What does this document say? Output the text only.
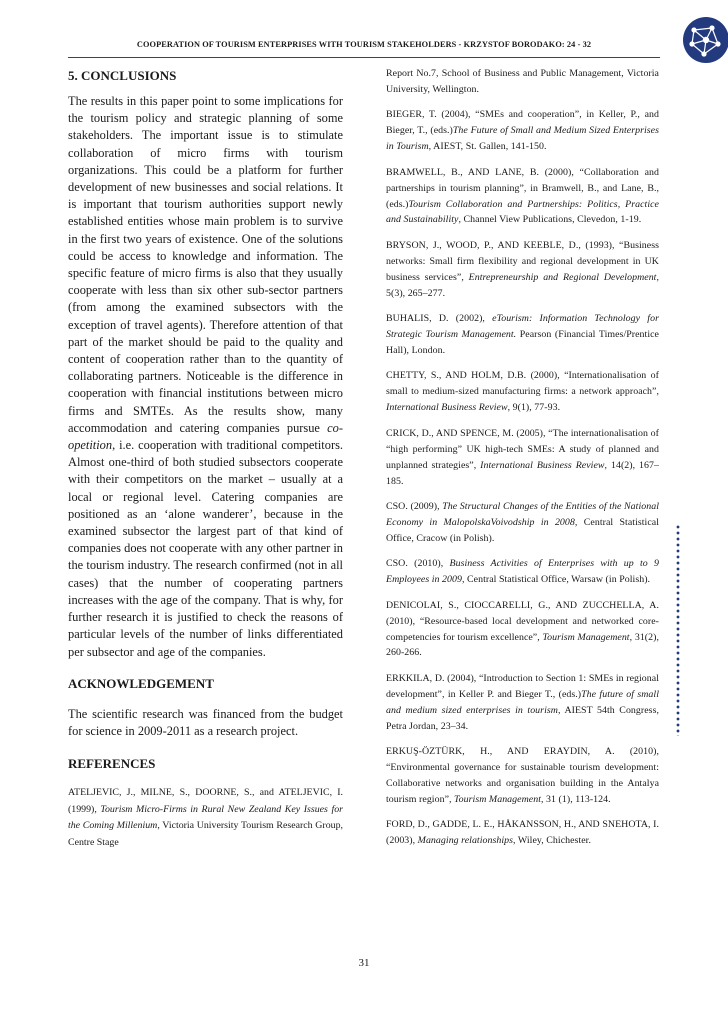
COOPERATION OF TOURISM ENTERPRISES WITH TOURISM STAKEHOLDERS - KRZYSTOF BORODAKO: 24 - 32
5. CONCLUSIONS

The results in this paper point to some implications for the tourism policy and strategic planning of some stakeholders. The important issue is to stimulate collaboration of micro firms with tourism organizations. This could be a platform for further development of new businesses and social relations. It is important that tourism authorities support newly established entities whose main problem is to survive in the first two years of existence. One of the solutions could be access to knowledge and information. The specific feature of micro firms is also that they usually cooperate with less than six other sub-sector partners (from among the examined subsectors with the exception of travel agents). Therefore attention of that part of the market should be paid to the quality and content of cooperation rather than to the quantity of collaborating partners. Noticeable is the difference in cooperation with financial institutions between micro firms and SMTEs. As the results show, many accommodation and catering companies pursue co-opetition, i.e. cooperation with traditional competitors. Almost one-third of both studied subsectors cooperate with their competitors on the market – usually at a local or regional level. Catering companies are positioned as an ‘alone wanderer’, because in the examined subsector the largest part of that kind of companies does not cooperate with any other partner in the tourism industry. The research confirmed (not in all cases) that the number of cooperating partners increases with the age of the company. That is why, for further research it is justified to check the reasons of particular levels of the number of links differentiated per subsector and age of the companies.

ACKNOWLEDGEMENT

The scientific research was financed from the budget for science in 2009-2011 as a research project.

REFERENCES

ATELJEVIC, J., MILNE, S., DOORNE, S., and ATELJEVIC, I. (1999), Tourism Micro-Firms in Rural New Zealand Key Issues for the Coming Millenium, Victoria University Tourism Research Group, Centre Stage

Report No.7, School of Business and Public Management, Victoria University, Wellington.

BIEGER, T. (2004), “SMEs and cooperation”, in Keller, P., and Bieger, T., (eds.)The Future of Small and Medium Sized Enterprises in Tourism, AIEST, St. Gallen, 141-150.

BRAMWELL, B., AND LANE, B. (2000), “Collaboration and partnerships in tourism planning”, in Bramwell, B., and Lane, B., (eds.)Tourism Collaboration and Partnerships: Politics, Practice and Sustainability, Channel View Publications, Clevedon, 1-19.

BRYSON, J., WOOD, P., AND KEEBLE, D., (1993), “Business networks: Small firm flexibility and regional development in UK business services”, Entrepreneurship and Regional Development, 5(3), 265–277.

BUHALIS, D. (2002), eTourism: Information Technology for Strategic Tourism Management. Pearson (Financial Times/Prentice Hall), London.

CHETTY, S., AND HOLM, D.B. (2000), “Internationalisation of small to medium-sized manufacturing firms: a network approach”, International Business Review, 9(1), 77-93.

CRICK, D., AND SPENCE, M. (2005), “The internationalisation of “high performing” UK high-tech SMEs: A study of planned and unplanned strategies”, International Business Review, 14(2), 167–185.

CSO. (2009), The Structural Changes of the Entities of the National Economy in MalopolskaVoivodship in 2008, Central Statistical Office, Cracow (in Polish).

CSO. (2010), Business Activities of Enterprises with up to 9 Employees in 2009, Central Statistical Office, Warsaw (in Polish).

DENICOLAI, S., CIOCCARELLI, G., AND ZUCCHELLA, A. (2010), “Resource-based local development and networked core-competencies for tourism excellence”, Tourism Management, 31(2), 260-266.

ERKKILA, D. (2004), “Introduction to Section 1: SMEs in regional development”, in Keller P. and Bieger T., (eds.)The future of small and medium sized enterprises in tourism, AIEST 54th Congress, Petra Jordan, 23–34.

ERKUŞ-ÖZTÜRK, H., AND ERAYDIN, A. (2010), “Environmental governance for sustainable tourism development: Collaborative networks and organisation building in the Antalya tourism region”, Tourism Management, 31 (1), 113-124.

FORD, D., GADDE, L. E., HÅKANSSON, H., AND SNEHOTA, I. (2003), Managing relationships, Wiley, Chichester.

31
